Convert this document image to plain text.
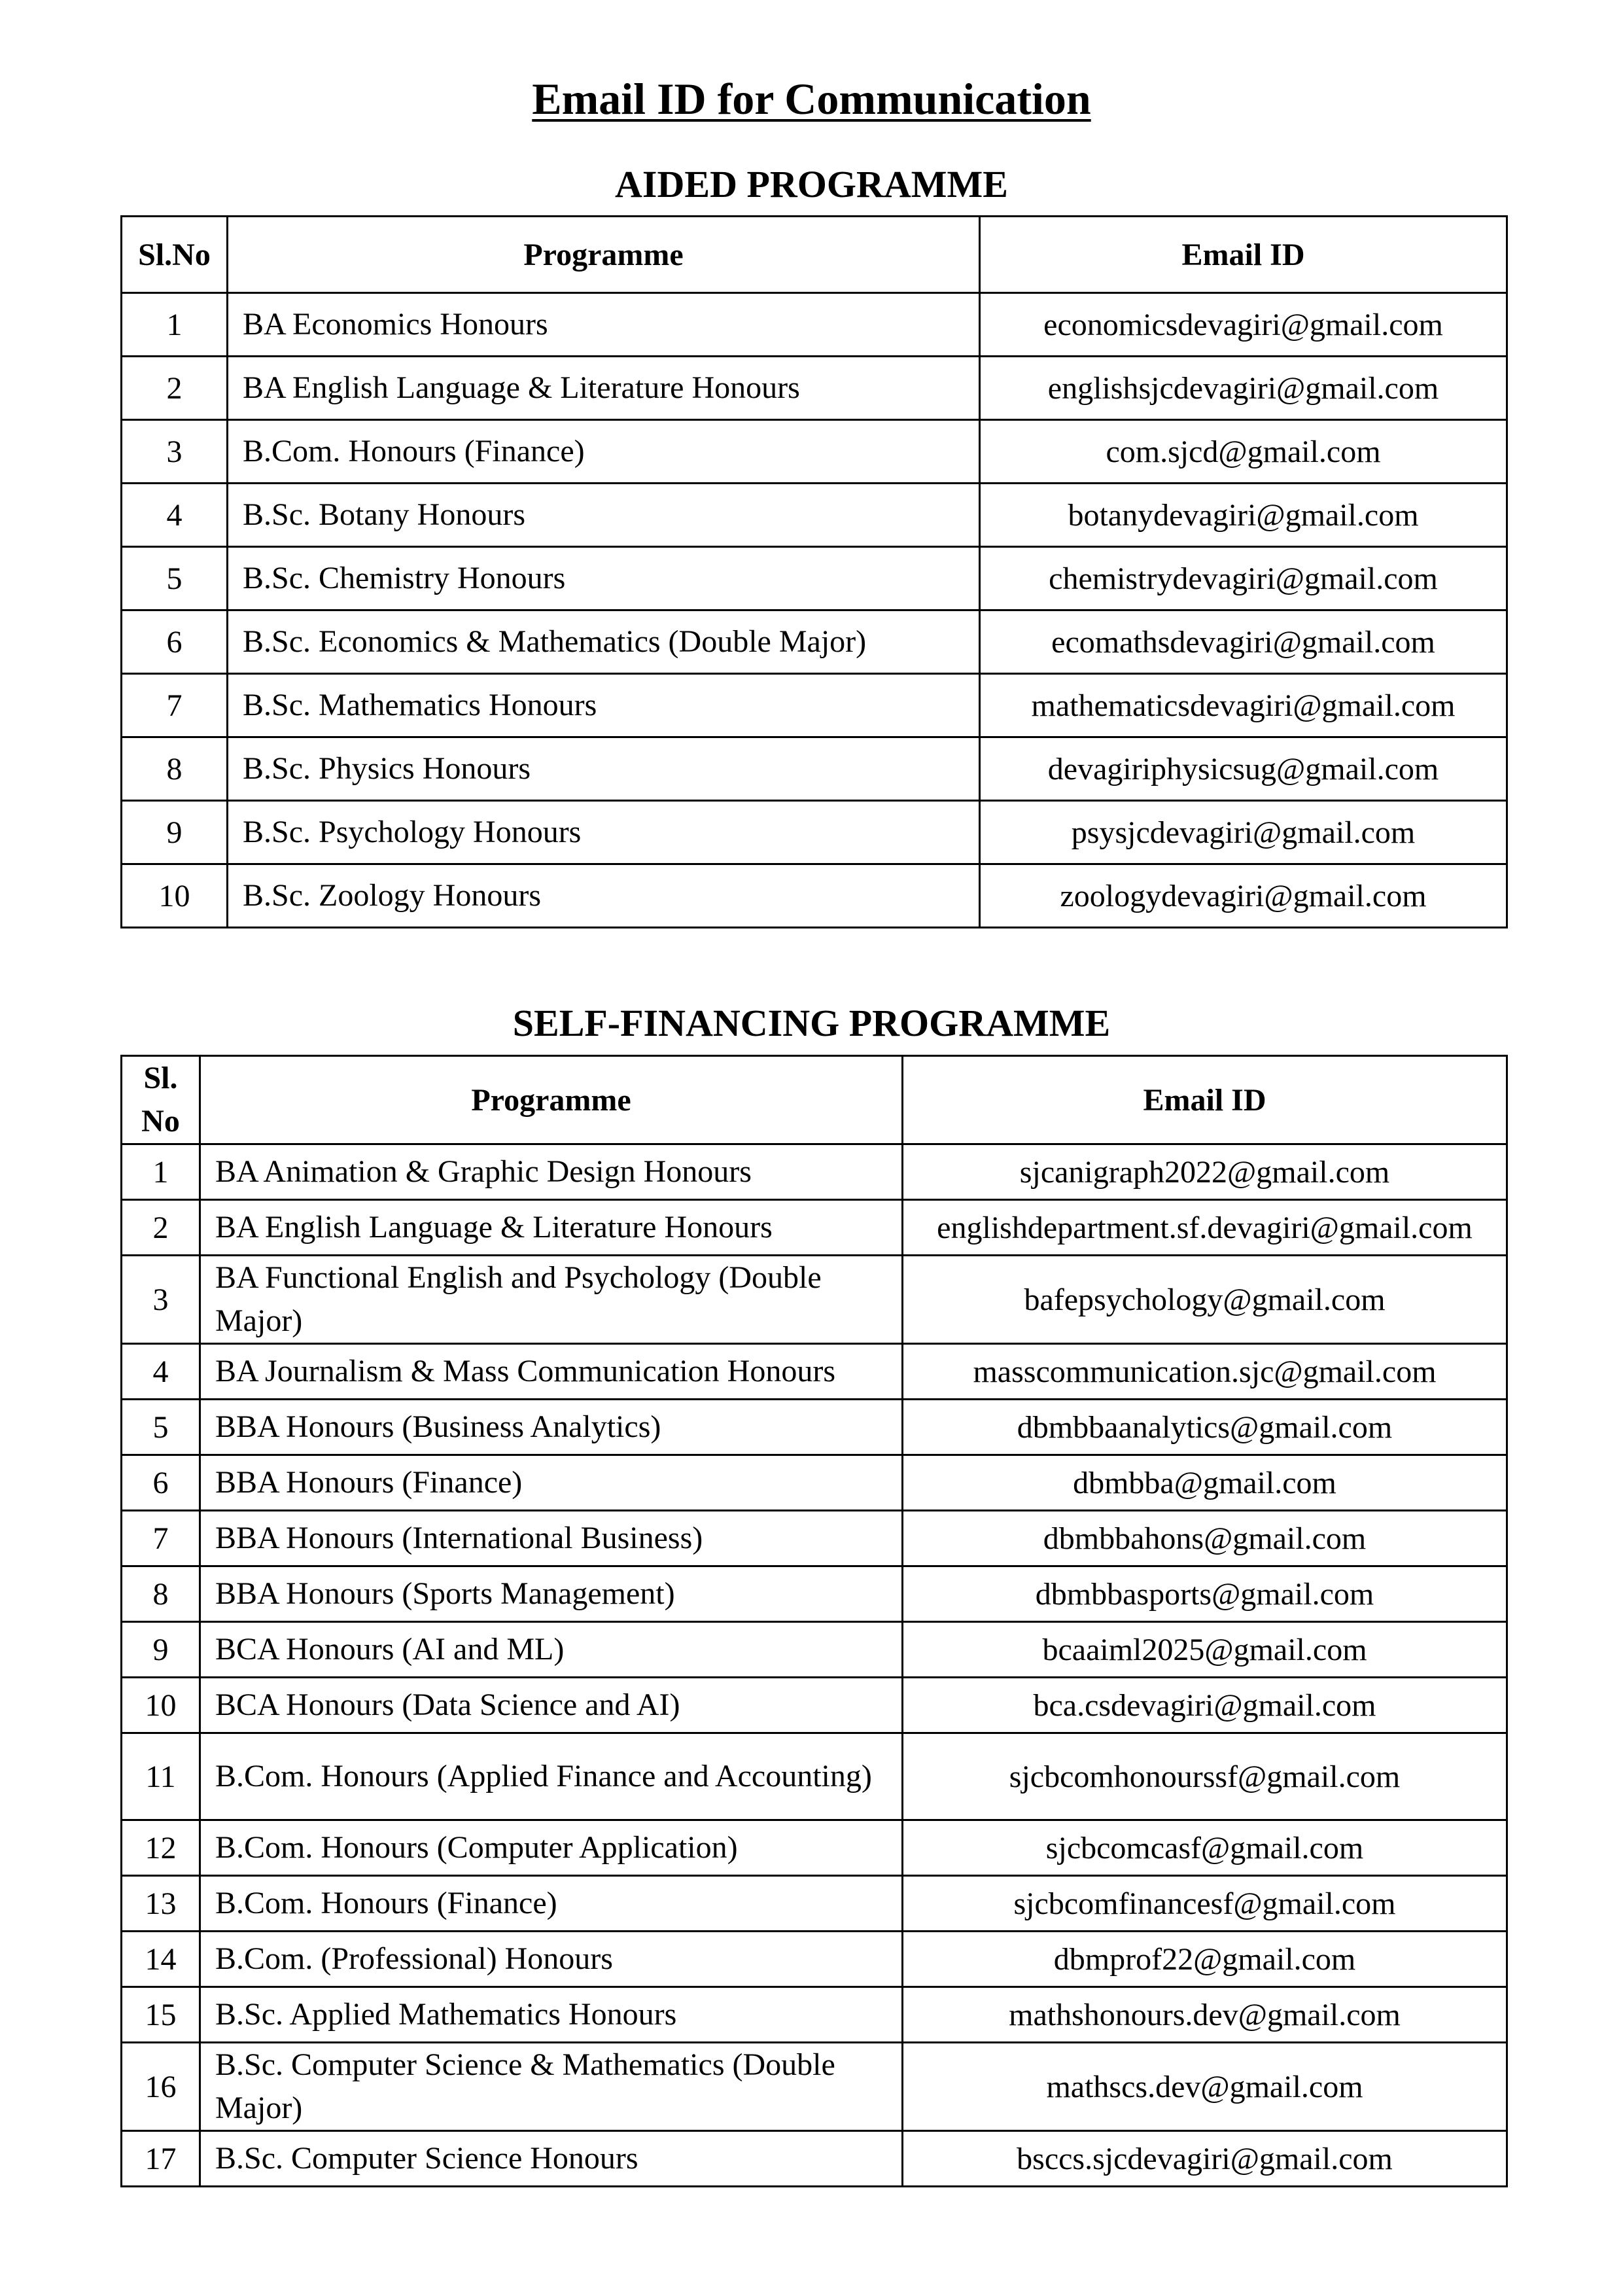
Email ID for Communication
AIDED PROGRAMME
Sl.No	Programme	Email ID
1	BA Economics Honours	economicsdevagiri@gmail.com
2	BA English Language & Literature Honours	englishsjcdevagiri@gmail.com
3	B.Com. Honours (Finance)	com.sjcd@gmail.com
4	B.Sc. Botany Honours	botanydevagiri@gmail.com
5	B.Sc. Chemistry Honours	chemistrydevagiri@gmail.com
6	B.Sc. Economics & Mathematics (Double Major)	ecomathsdevagiri@gmail.com
7	B.Sc. Mathematics Honours	mathematicsdevagiri@gmail.com
8	B.Sc. Physics Honours	devagiriphysicsug@gmail.com
9	B.Sc. Psychology Honours	psysjcdevagiri@gmail.com
10	B.Sc. Zoology Honours	zoologydevagiri@gmail.com
SELF-FINANCING PROGRAMME
Sl. No	Programme	Email ID
1	BA Animation & Graphic Design Honours	sjcanigraph2022@gmail.com
2	BA English Language & Literature Honours	englishdepartment.sf.devagiri@gmail.com
3	BA Functional English and Psychology (Double Major)	bafepsychology@gmail.com
4	BA Journalism & Mass Communication Honours	masscommunication.sjc@gmail.com
5	BBA Honours (Business Analytics)	dbmbbaanalytics@gmail.com
6	BBA Honours (Finance)	dbmbba@gmail.com
7	BBA Honours (International Business)	dbmbbahons@gmail.com
8	BBA Honours (Sports Management)	dbmbbasports@gmail.com
9	BCA Honours (AI and ML)	bcaaiml2025@gmail.com
10	BCA Honours (Data Science and AI)	bca.csdevagiri@gmail.com
11	B.Com. Honours (Applied Finance and Accounting)	sjcbcomhonourssf@gmail.com
12	B.Com. Honours (Computer Application)	sjcbcomcasf@gmail.com
13	B.Com. Honours (Finance)	sjcbcomfinancesf@gmail.com
14	B.Com. (Professional) Honours	dbmprof22@gmail.com
15	B.Sc. Applied Mathematics Honours	mathshonours.dev@gmail.com
16	B.Sc. Computer Science & Mathematics (Double Major)	mathscs.dev@gmail.com
17	B.Sc. Computer Science Honours	bsccs.sjcdevagiri@gmail.com
